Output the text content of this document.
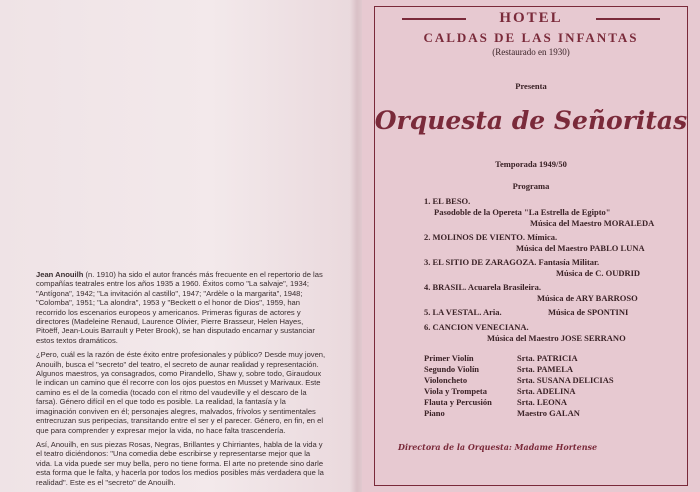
Jean Anouilh (n. 1910) ha sido el autor francés más frecuente en el repertorio de las compañías teatrales entre los años 1935 a 1960. Éxitos como "La salvaje", 1934; "Antígona", 1942; "La invitación al castillo", 1947; "Ardèle o la margarita", 1948; "Colomba", 1951; "La alondra", 1953 y "Beckett o el honor de Dios", 1959, han recorrido los escenarios europeos y americanos. Primeras figuras de actores y directores (Madeleine Renaud, Laurence Olivier, Pierre Brasseur, Helen Hayes, Pitoëff, Jean-Louis Barrault y Peter Brook), se han disputado encarnar y sustanciar estos textos dramáticos.

¿Pero, cuál es la razón de éste éxito entre profesionales y público? Desde muy joven, Anouilh, busca el "secreto" del teatro, el secreto de aunar realidad y representación. Algunos maestros, ya consagrados, como Pirandello, Shaw y, sobre todo, Giraudoux le indican un camino que él recorre con los ojos puestos en Musset y Marivaux. Este camino es el de la comedia (tocado con el ritmo del vaudeville y el descaro de la farsa). Género difícil en el que todo es posible. La realidad, la fantasía y la imaginación conviven en él; personajes alegres, malvados, frívolos y sentimentales entrecruzan sus peripecias, transitando entre el ser y el parecer. Género, en fin, en el que para comprender y expresar mejor la vida, no hace falta trascendería.

Así, Anouilh, en sus piezas Rosas, Negras, Brillantes y Chirriantes, habla de la vida y el teatro diciéndonos: "Una comedia debe escribirse y representarse mejor que la vida. La vida puede ser muy bella, pero no tiene forma. El arte no pretende sino darle esta forma que le falta, y hacerla por todos los medios posibles más verdadera que la realidad". Este es el "secreto" de Anouilh.

HOTEL
CALDAS DE LAS INFANTAS
(Restaurado en 1930)
Presenta
Orquesta de Señoritas
Temporada 1949/50
Programa
1. EL BESO.
Pasodoble de la Opereta "La Estrella de Egipto"
Música del Maestro MORALEDA
2. MOLINOS DE VIENTO. Mímica.
Música del Maestro PABLO LUNA
3. EL SITIO DE ZARAGOZA. Fantasía Militar.
Música de C. OUDRID
4. BRASIL. Acuarela Brasileira.
Música de ARY BARROSO
5. LA VESTAL. Aria.	Música de SPONTINI
6. CANCION VENECIANA.
Música del Maestro JOSE SERRANO
Primer Violín	Srta. PATRICIA
Segundo Violín	Srta. PAMELA
Violoncheto	Srta. SUSANA DELICIAS
Viola y Trompeta	Srta. ADELINA
Flauta y Percusión	Srta. LEONA
Piano	Maestro GALAN
Directora de la Orquesta: Madame Hortense
